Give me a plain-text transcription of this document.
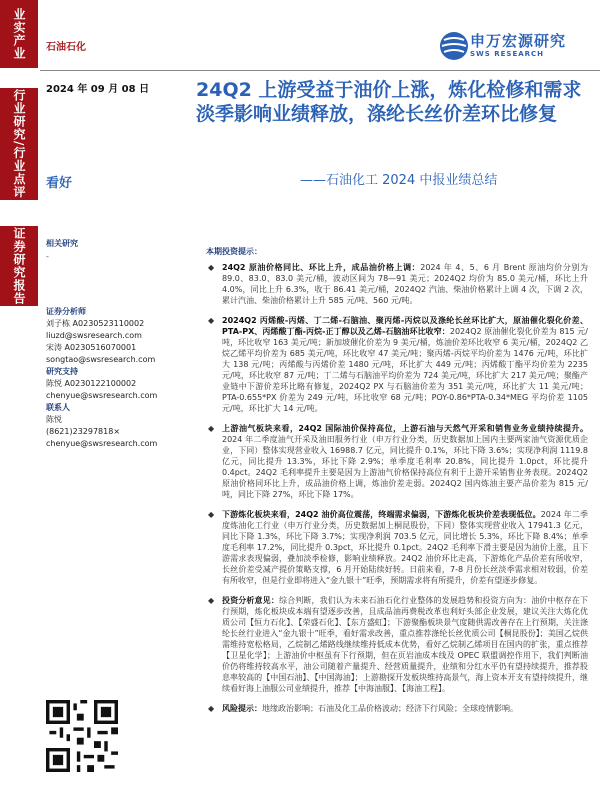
业实产业
行业研究/行业点评
证券研究报告
石油石化	申万宏源研究
SWS RESEARCH
2024 年 09 月 08 日 24Q2 上游受益于油价上涨，炼化检修和需求淡季影响业绩释放，涤纶长丝价差环比修复
——石油化工 2024 中报业绩总结
看好
相关研究
-
证券分析师
刘子栋 A0230523110002
liuzd@swsresearch.com
宋涛 A0230516070001
songtao@swsresearch.com
研究支持
陈悦 A0230122100002
chenyue@swsresearch.com
联系人
陈悦
(8621)23297818×
chenyue@swsresearch.com
本期投资提示：
◆ 24Q2 原油价格同比、环比上升，成品油价格上调：2024 年 4、5、6 月 Brent 原油均价分别为 89.0、83.0、83.0 美元/桶，波动区间为 78—91 美元；2024Q2 均价为 85.0 美元/桶，环比上升 4.0%，同比上升 6.3%，收于 86.41 美元/桶，2024Q2 汽油、柴油价格累计上调 4 次，下调 2 次，累计汽油、柴油价格累计上升 585 元/吨、560 元/吨。
◆ 2024Q2 丙烯酸-丙烯、丁二烯-石脑油、聚丙烯-丙烷以及涤纶长丝环比扩大，原油催化裂化价差、PTA-PX、丙烯酸丁酯-丙烷-正丁醇以及乙烯-石脑油环比收窄：2024Q2 原油催化裂化价差为 815 元/吨，环比收窄 163 美元/吨；新加坡催化价差为 9 美元/桶，炼油价差环比收窄 6 美元/桶，2024Q2 乙烷乙烯平均价差为 685 美元/吨，环比收窄 47 美元/吨；聚丙烯-丙烷平均价差为 1476 元/吨，环比扩大 138 元/吨；丙烯酸与丙烯价差 1480 元/吨，环比扩大 449 元/吨；丙烯酸丁酯平均价差为 2235 元/吨，环比收窄 87 元/吨；丁二烯与石脑油平均价差为 724 美元/吨，环比扩大 217 美元/吨；聚酯产业链中下游价差环比略有修复，2024Q2 PX 与石脑油价差为 351 美元/吨，环比扩大 11 美元/吨；PTA-0.655*PX 价差为 249 元/吨，环比收窄 68 元/吨；POY-0.86*PTA-0.34*MEG 平均价差 1105 元/吨，环比扩大 14 元/吨。
◆ 上游油气板块来看，24Q2 国际油价保持高位，上游石油与天然气开采和销售业务业绩持续提升。2024 年二季度油气开采及油田服务行业（申万行业分类，历史数据加上国内主要两家油气资源优质企业，下同）整体实现营业收入 16988.7 亿元，同比提升 0.1%，环比下降 3.6%；实现净利润 1119.8 亿元，同比提升 13.3%，环比下降 2.9%；单季度毛利率 20.8%，同比提升 1.0pct，环比提升 0.4pct。24Q2 毛利率提升主要是因为上游油气价格保持高位有利于上游开采销售业务表现。2024Q2 原油价格同环比上升，成品油价格上调，炼油价差走弱。2024Q2 国内炼油主要产品价差为 815 元/吨，同比下降 27%，环比下降 17%。
◆ 下游炼化板块来看，24Q2 油价高位震荡，终端需求偏弱，下游炼化板块价差表现低位。2024 年二季度炼油化工行业（申万行业分类，历史数据加上桐昆股份，下同）整体实现营业收入 17941.3 亿元，同比下降 1.3%，环比下降 3.7%；实现净利润 703.5 亿元，同比增长 5.3%，环比下降 8.4%；单季度毛利率 17.2%，同比提升 0.3pct，环比提升 0.1pct。24Q2 毛利率下滑主要是因为油价上涨，且下游需求表现偏弱，叠加淡季检修，影响业绩释放。24Q2 油价环比走高，下游炼化产品价差有所收窄，长丝价差受减产提价策略支撑，6 月开始陆续好转。日前来看，7-8 月份长丝淡季需求相对较弱，价差有所收窄，但是行业即将进入“金九银十”旺季，预期需求将有所提升，价差有望逐步修复。
◆ 投资分析意见：综合判断，我们认为未来石油石化行业整体的发展趋势和投资方向为：油价中枢存在下行预期，炼化板块成本端有望逐步改善，且成品油再费税改革也利好头部企业发展，建议关注大炼化优质公司【恒力石化】、【荣盛石化】、【东方盛虹】；下游聚酯板块景气度随供需改善存在上行预期，关注涤纶长丝行业进入“金九银十”旺季，看好需求改善，重点推荐涤纶长丝优质公司【桐昆股份】；美国乙烷供需维持宽松格局，乙烷制乙烯路线继续维持低成本优势，看好乙烷制乙烯项目在国内的扩张，重点推荐【卫星化学】；上游油价中枢虽有下行预期，但在页岩油成本线及 OPEC 联盟调控作用下，我们判断油价仍将维持较高水平，油公司随着产量提升、经营质量提升，业绩和分红水平仍有望持续提升，推荐股息率较高的【中国石油】、【中国海油】；上游勘探开发板块维持高景气，海上资本开支有望持续提升，继续看好海上油服公司业绩提升，推荐【中海油服】、【海油工程】。
◆ 风险提示：地缘政治影响；石油及化工品价格波动；经济下行风险；全球疫情影响。
